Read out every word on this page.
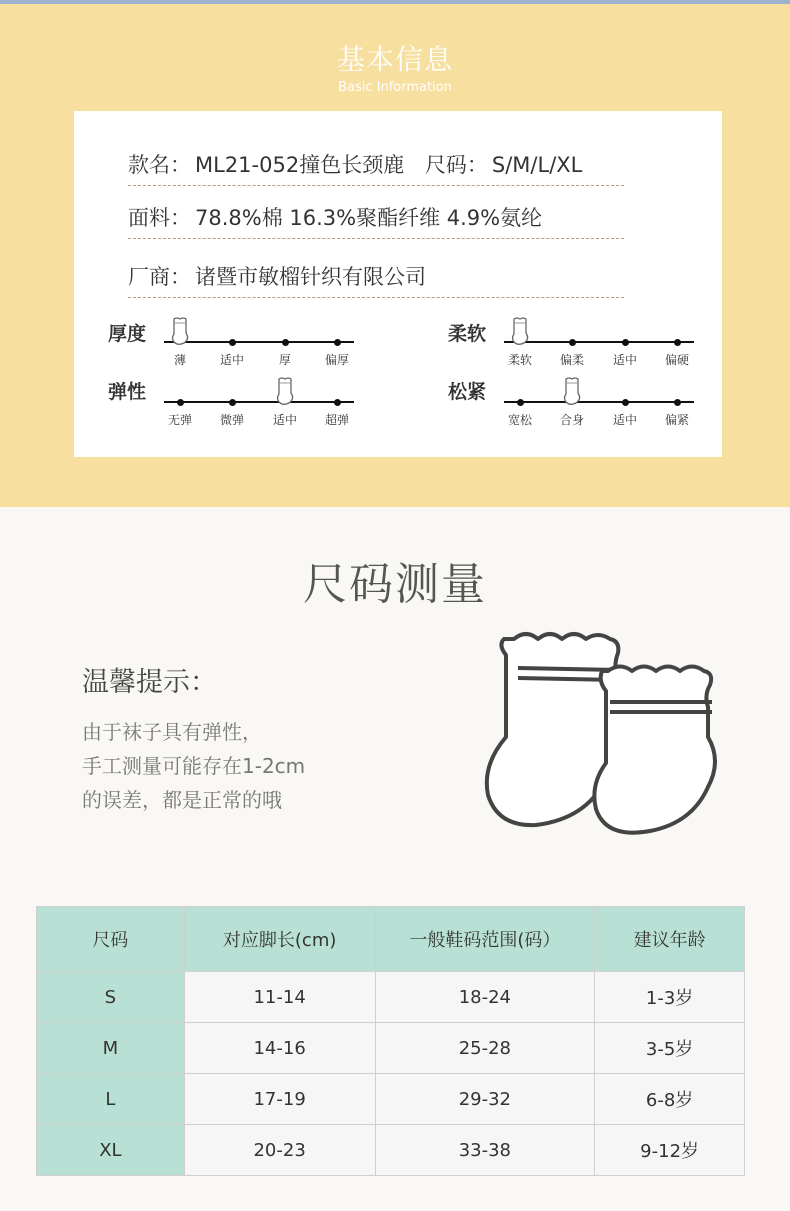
基本信息
Basic Information
款名： ML21-052撞色长颈鹿 尺码： S/M/L/XL
面料： 78.8%棉 16.3%聚酯纤维 4.9%氨纶
厂商： 诸暨市敏榴针织有限公司
厚度
薄	适中	厚	偏厚
柔软
柔软	偏柔	适中	偏硬
弹性
无弹	微弹	适中	超弹
松紧
宽松	合身	适中	偏紧
尺码测量
温馨提示：
由于袜子具有弹性，
手工测量可能存在1-2cm
的误差，都是正常的哦
尺码	对应脚长(cm)	一般鞋码范围(码）	建议年龄
S	11-14	18-24	1-3岁
M	14-16	25-28	3-5岁
L	17-19	29-32	6-8岁
XL	20-23	33-38	9-12岁
